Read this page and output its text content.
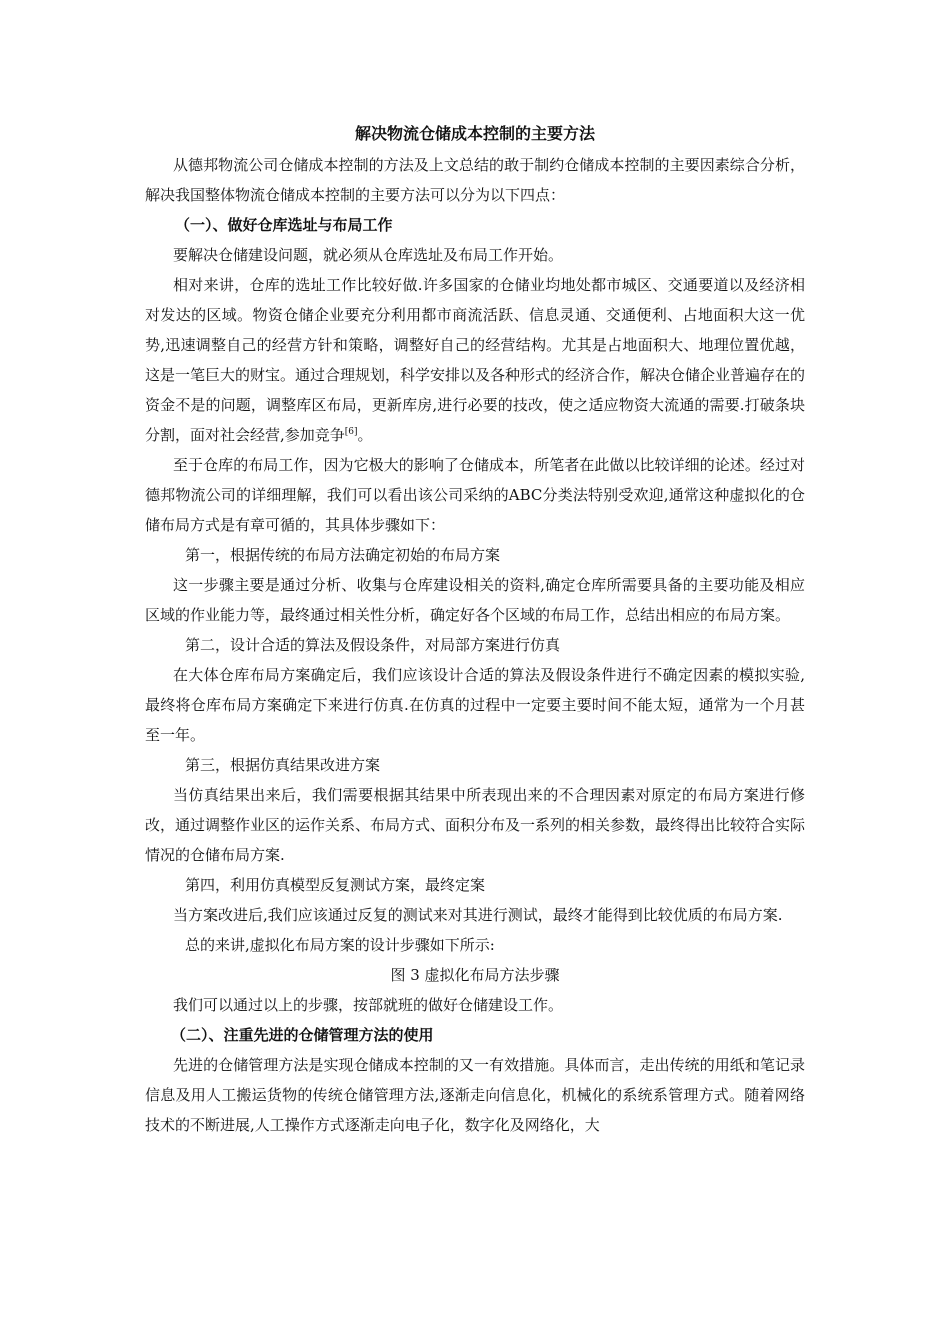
解决物流仓储成本控制的主要方法

从德邦物流公司仓储成本控制的方法及上文总结的敢于制约仓储成本控制的主要因素综合分析，解决我国整体物流仓储成本控制的主要方法可以分为以下四点：

（一）、做好仓库选址与布局工作

要解决仓储建设问题，就必须从仓库选址及布局工作开始。

相对来讲，仓库的选址工作比较好做.许多国家的仓储业均地处都市城区、交通要道以及经济相对发达的区域。物资仓储企业要充分利用都市商流活跃、信息灵通、交通便利、占地面积大这一优势,迅速调整自己的经营方针和策略，调整好自己的经营结构。尤其是占地面积大、地理位置优越，这是一笔巨大的财宝。通过合理规划，科学安排以及各种形式的经济合作，解决仓储企业普遍存在的资金不是的问题，调整库区布局，更新库房,进行必要的技改，使之适应物资大流通的需要.打破条块分割，面对社会经营,参加竞争[6]。

至于仓库的布局工作，因为它极大的影响了仓储成本，所笔者在此做以比较详细的论述。经过对德邦物流公司的详细理解，我们可以看出该公司采纳的ABC分类法特别受欢迎,通常这种虚拟化的仓储布局方式是有章可循的，其具体步骤如下：

第一，根据传统的布局方法确定初始的布局方案

这一步骤主要是通过分析、收集与仓库建设相关的资料,确定仓库所需要具备的主要功能及相应区域的作业能力等，最终通过相关性分析，确定好各个区域的布局工作，总结出相应的布局方案。

第二，设计合适的算法及假设条件，对局部方案进行仿真

在大体仓库布局方案确定后，我们应该设计合适的算法及假设条件进行不确定因素的模拟实验,最终将仓库布局方案确定下来进行仿真.在仿真的过程中一定要主要时间不能太短，通常为一个月甚至一年。

第三，根据仿真结果改进方案

当仿真结果出来后，我们需要根据其结果中所表现出来的不合理因素对原定的布局方案进行修改，通过调整作业区的运作关系、布局方式、面积分布及一系列的相关参数，最终得出比较符合实际情况的仓储布局方案.

第四，利用仿真模型反复测试方案，最终定案

当方案改进后,我们应该通过反复的测试来对其进行测试，最终才能得到比较优质的布局方案.

总的来讲,虚拟化布局方案的设计步骤如下所示:

图 3 虚拟化布局方法步骤

我们可以通过以上的步骤，按部就班的做好仓储建设工作。

（二）、注重先进的仓储管理方法的使用

先进的仓储管理方法是实现仓储成本控制的又一有效措施。具体而言，走出传统的用纸和笔记录信息及用人工搬运货物的传统仓储管理方法,逐渐走向信息化，机械化的系统系管理方式。随着网络技术的不断进展,人工操作方式逐渐走向电子化，数字化及网络化，大
